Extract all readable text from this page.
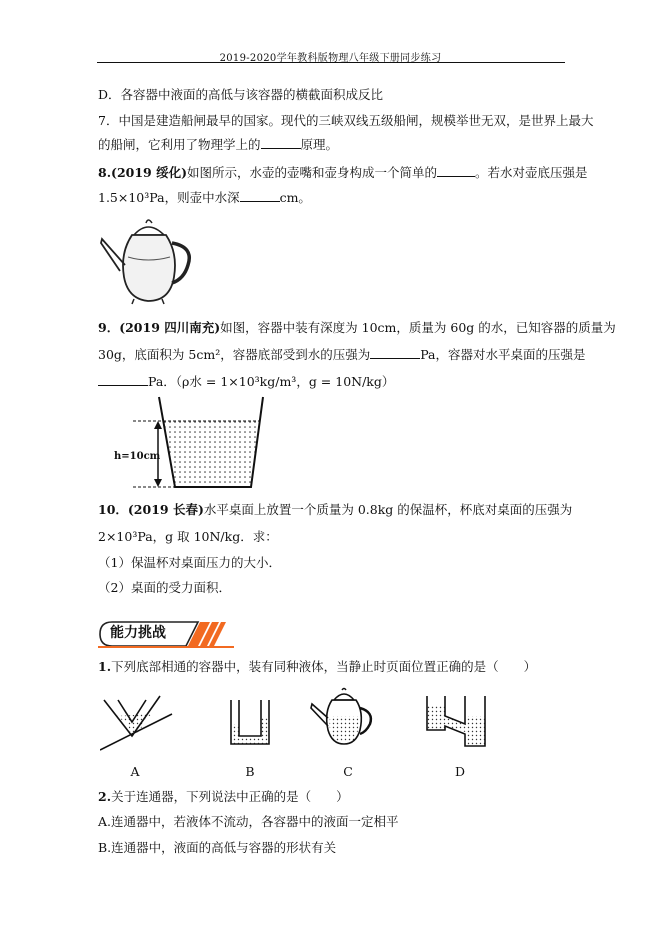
2019-2020学年教科版物理八年级下册同步练习
D．各容器中液面的高低与该容器的横截面积成反比
7．中国是建造船闸最早的国家。现代的三峡双线五级船闸，规模举世无双，是世界上最大
的船闸，它利用了物理学上的	原理。
8.(2019 绥化)如图所示，水壶的壶嘴和壶身构成一个简单的	。若水对壶底压强是
1.5×10³Pa，则壶中水深	cm。
9．(2019 四川南充)如图，容器中装有深度为 10cm，质量为 60g 的水，已知容器的质量为
30g，底面积为 5cm²，容器底部受到水的压强为	Pa，容器对水平桌面的压强是
Pa．（ρ水 = 1×10³kg/m³，g = 10N/kg）
h=10cm
10．(2019 长春)水平桌面上放置一个质量为 0.8kg 的保温杯，杯底对桌面的压强为
2×10³Pa，g 取 10N/kg．求：
（1）保温杯对桌面压力的大小．
（2）桌面的受力面积．
能力挑战
1.下列底部相通的容器中，装有同种液体，当静止时页面位置正确的是（　　）
A	B	C	D
2.关于连通器，下列说法中正确的是（　　）
A.连通器中，若液体不流动，各容器中的液面一定相平
B.连通器中，液面的高低与容器的形状有关
